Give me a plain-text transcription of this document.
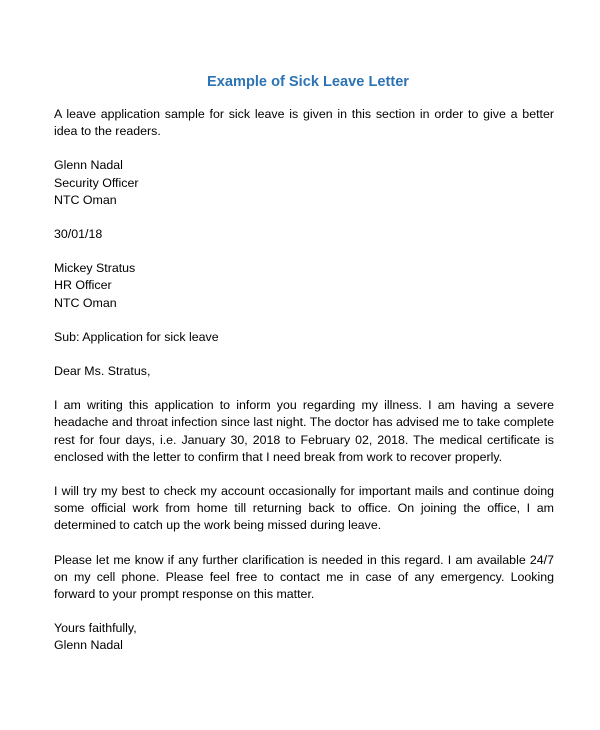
Example of Sick Leave Letter

A leave application sample for sick leave is given in this section in order to give a better idea to the readers.

Glenn Nadal

Security Officer

NTC Oman

30/01/18

Mickey Stratus

HR Officer

NTC Oman

Sub: Application for sick leave

Dear Ms. Stratus,

I am writing this application to inform you regarding my illness. I am having a severe headache and throat infection since last night. The doctor has advised me to take complete rest for four days, i.e. January 30, 2018 to February 02, 2018. The medical certificate is enclosed with the letter to confirm that I need break from work to recover properly.

I will try my best to check my account occasionally for important mails and continue doing some official work from home till returning back to office. On joining the office, I am determined to catch up the work being missed during leave.

Please let me know if any further clarification is needed in this regard. I am available 24/7 on my cell phone. Please feel free to contact me in case of any emergency. Looking forward to your prompt response on this matter.

Yours faithfully,

Glenn Nadal
